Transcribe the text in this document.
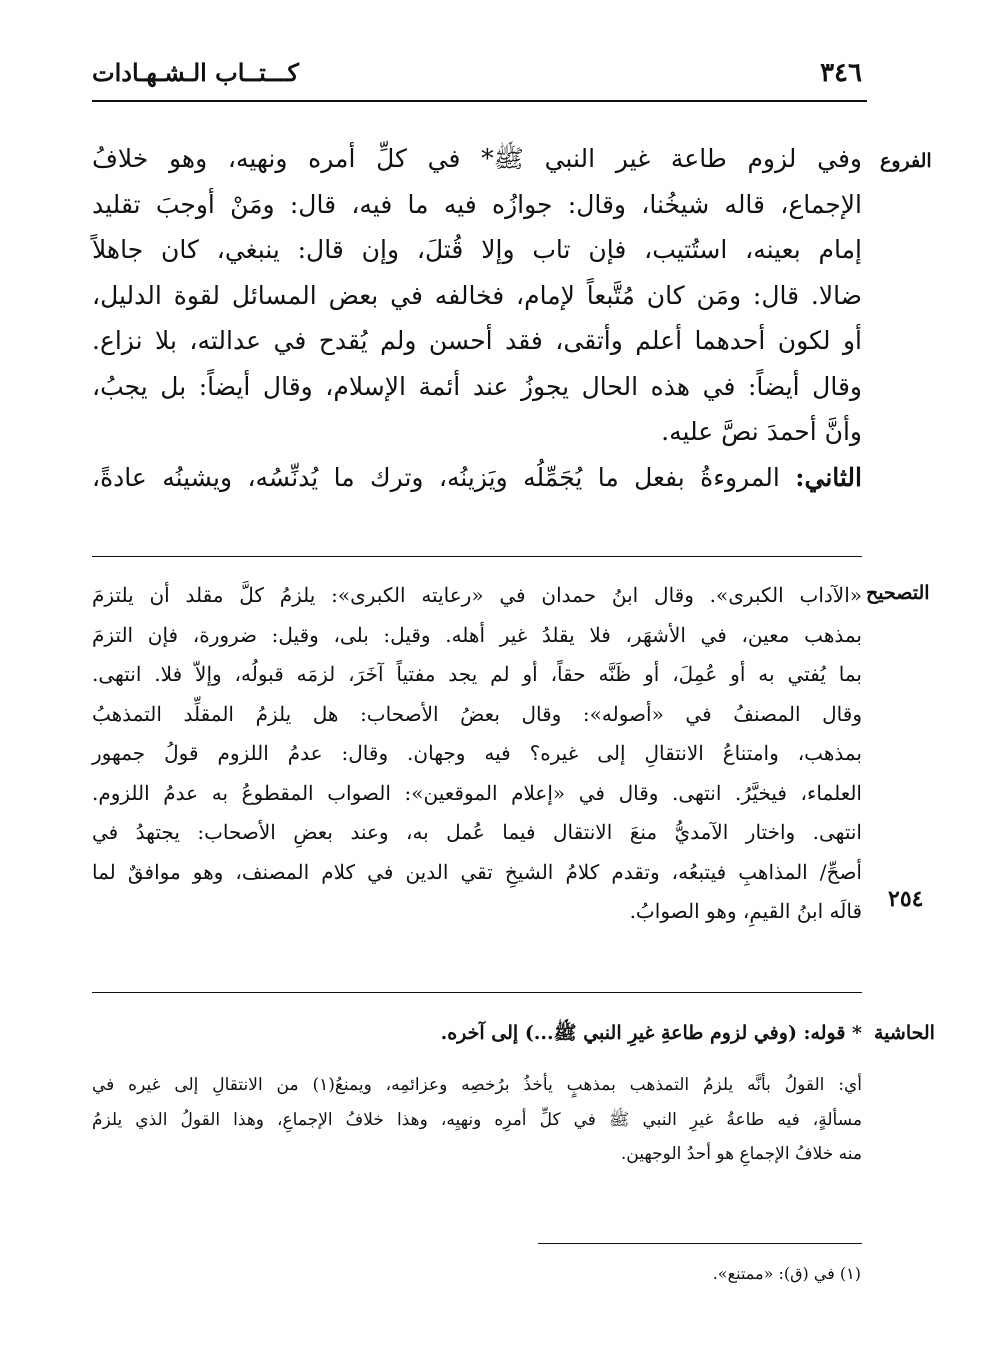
٣٤٦
كـــتــاب الـشـهـادات
الفروع
وفي لزوم طاعة غير النبي ﷺ* في كلِّ أمره ونهيه، وهو خلافُ
الإجماع، قاله شيخُنا، وقال: جوازُه فيه ما فيه، قال: ومَنْ أوجبَ تقليد
إمام بعينه، استُتيب، فإن تاب وإلا قُتلَ، وإن قال: ينبغي، كان جاهلاً
ضالا. قال: ومَن كان مُتَّبعاً لإمام، فخالفه في بعض المسائل لقوة الدليل،
أو لكون أحدهما أعلم وأتقى، فقد أحسن ولم يُقدح في عدالته، بلا نزاع.
وقال أيضاً: في هذه الحال يجوزُ عند أئمة الإسلام، وقال أيضاً: بل يجبُ،
وأنَّ أحمدَ نصَّ عليه.
الثاني: المروءةُ بفعل ما يُجَمِّلُه ويَزينُه، وترك ما يُدنِّسُه، ويشينُه عادةً،
التصحيح
«الآداب الكبرى». وقال ابنُ حمدان في «رعايته الكبرى»: يلزمُ كلَّ مقلد أن يلتزمَ
بمذهب معين، في الأشهَر، فلا يقلدُ غير أهله. وقيل: بلى، وقيل: ضرورة، فإن التزمَ
بما يُفتي به أو عُمِلَ، أو ظَنَّه حقاً، أو لم يجد مفتياً آخَرَ، لزمَه قبولُه، وإلاّ فلا. انتهى.
وقال المصنفُ في «أصوله»: وقال بعضُ الأصحاب: هل يلزمُ المقلِّد التمذهبُ
بمذهب، وامتناعُ الانتقالِ إلى غيره؟ فيه وجهان. وقال: عدمُ اللزوم قولُ جمهور
العلماء، فيخيَّرُ. انتهى. وقال في «إعلام الموقعين»: الصواب المقطوعُ به عدمُ اللزوم.
انتهى. واختار الآمديُّ منعَ الانتقال فيما عُمل به، وعند بعضِ الأصحاب: يجتهدُ في
أصحِّ/ المذاهبِ فيتبعُه، وتقدم كلامُ الشيخِ تقي الدين في كلام المصنف، وهو موافقٌ لما
قالَه ابنُ القيمِ، وهو الصوابُ. ٢٥٤
الحاشية
* قوله: (وفي لزوم طاعةِ غيرِ النبي ﷺ...) إلى آخره.
أي: القولُ بأنَّه يلزمُ التمذهب بمذهبٍ يأخذُ برُخصِه وعزائمِه، ويمنعُ(١) من الانتقالِ إلى غيره في
مسألةٍ، فيه طاعةُ غيرِ النبي ﷺ في كلِّ أمرِه ونهيِه، وهذا خلافُ الإجماعِ، وهذا القولُ الذي يلزمُ
منه خلافُ الإجماعِ هو أحدُ الوجهين.
(١) في (ق): «ممتنع».
